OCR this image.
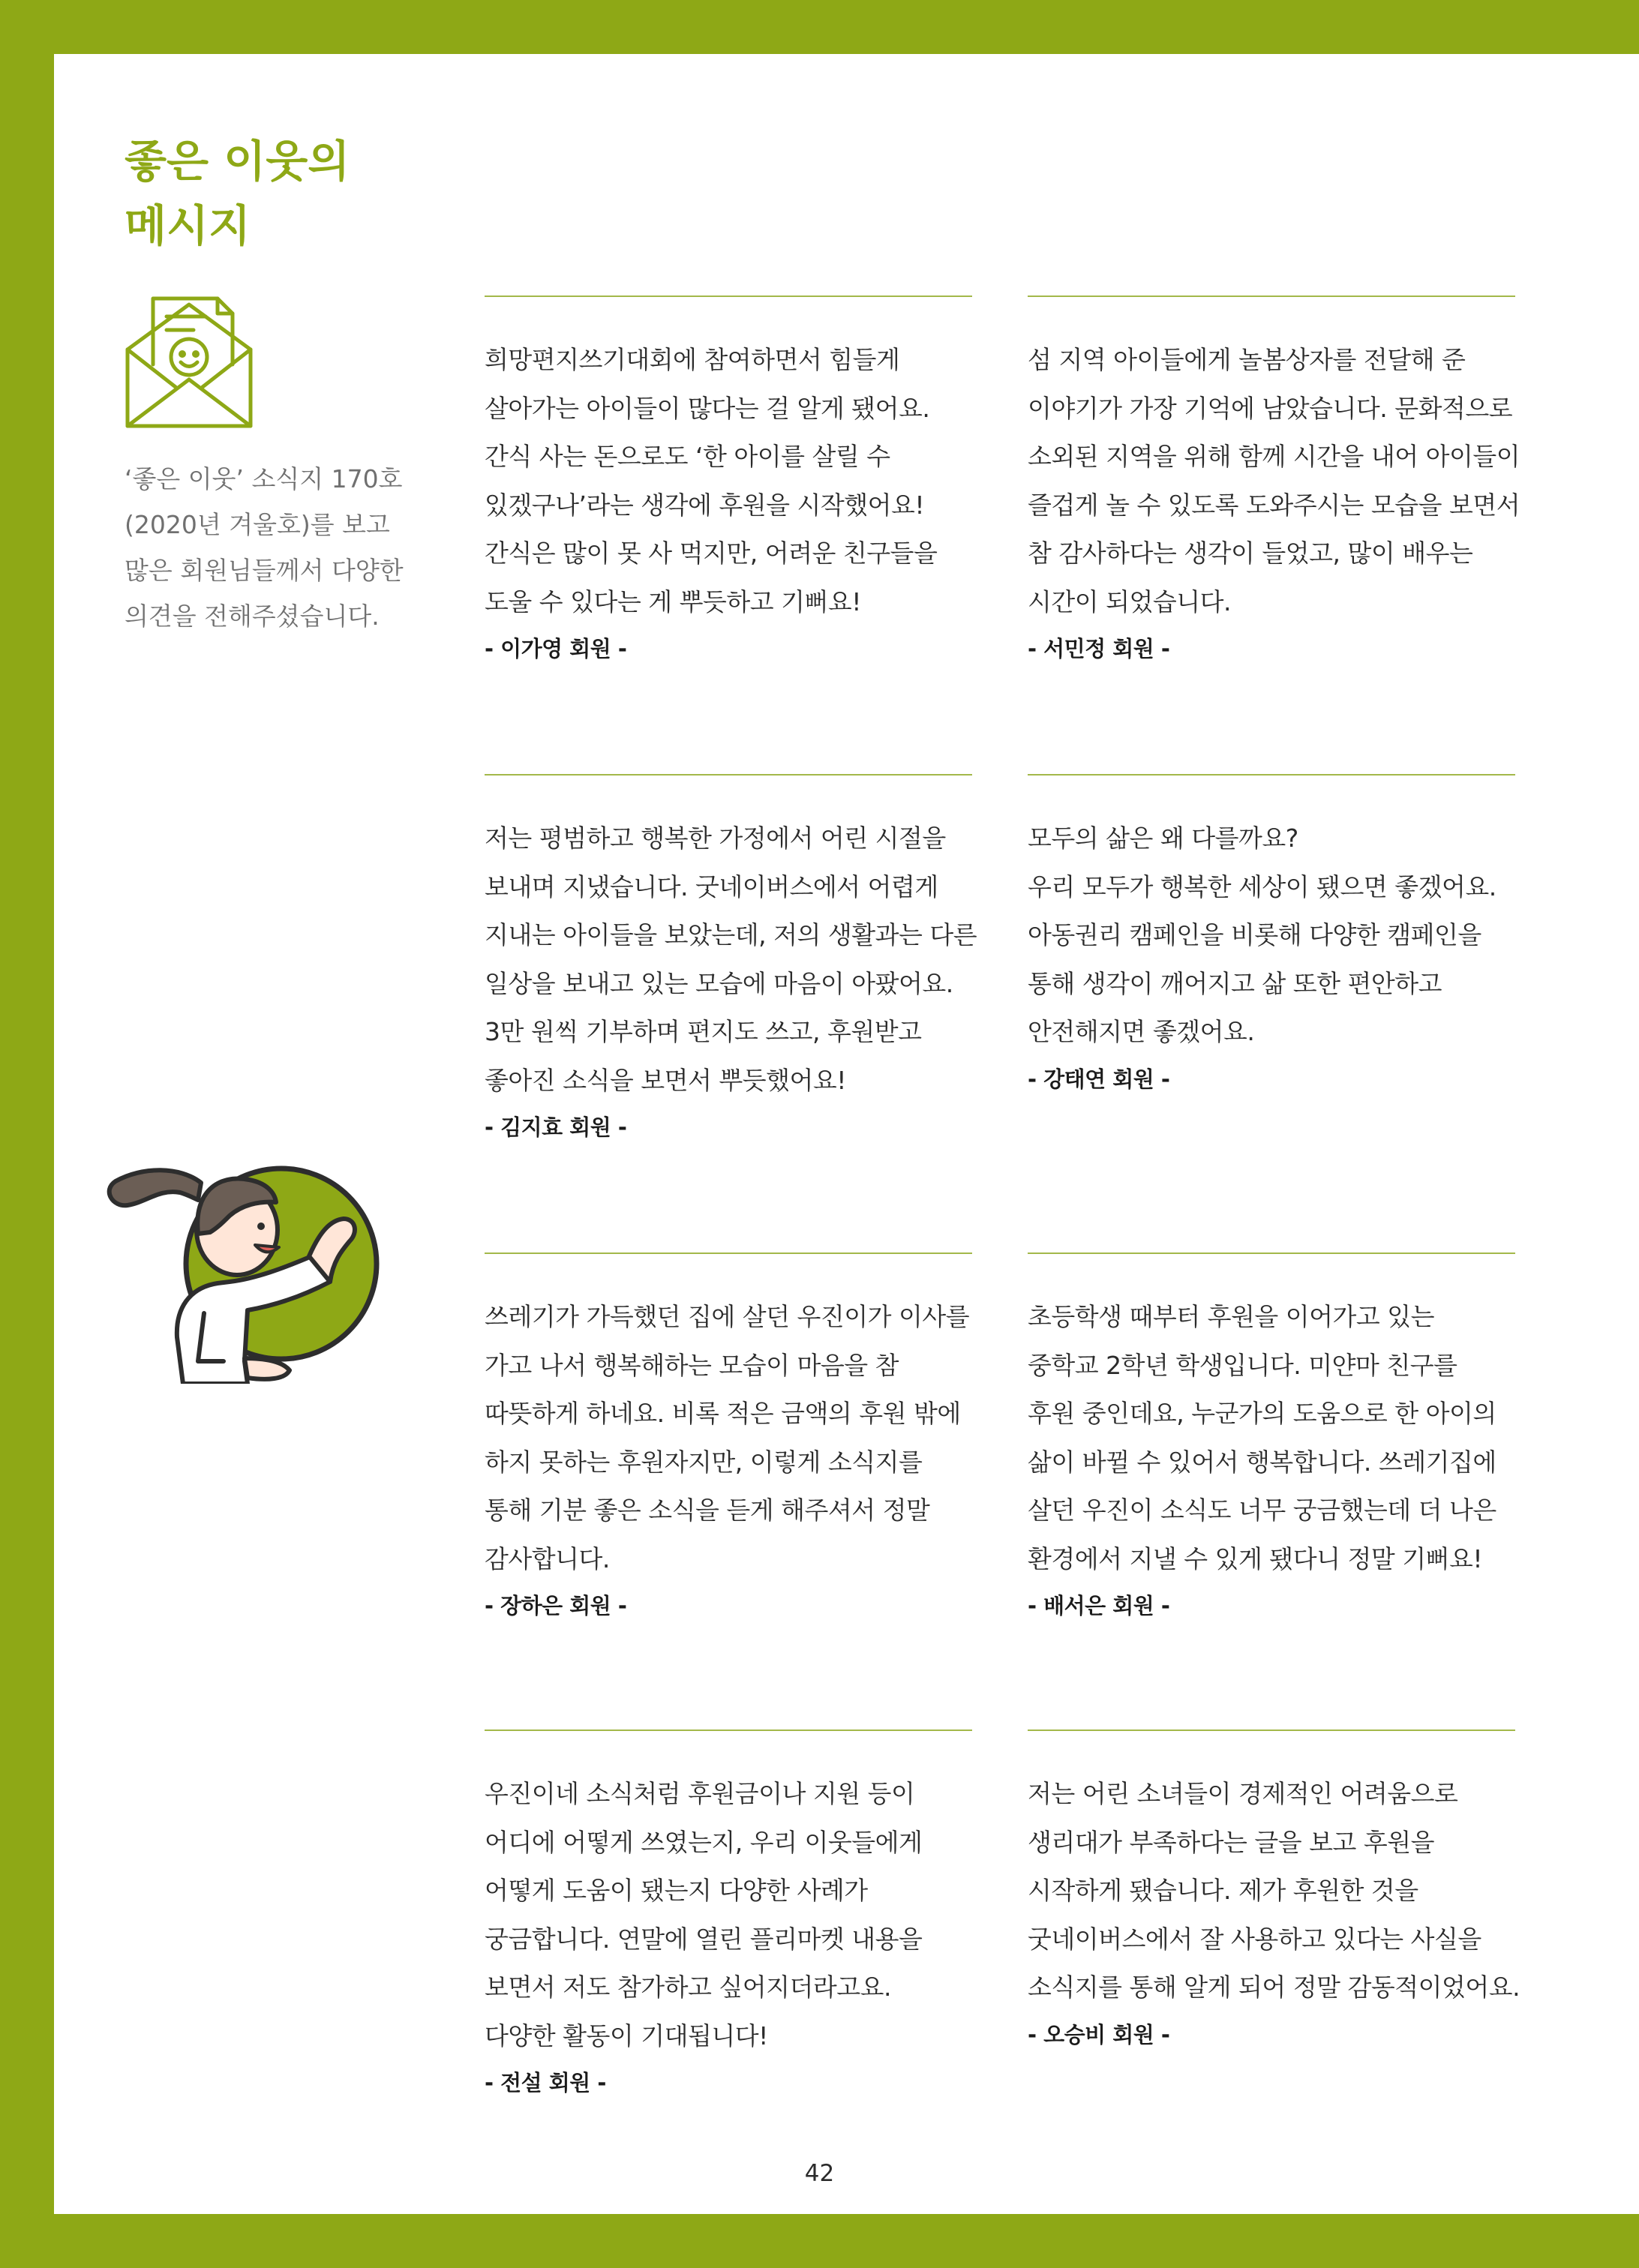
좋은 이웃의
메시지

‘좋은 이웃’ 소식지 170호
(2020년 겨울호)를 보고
많은 회원님들께서 다양한
의견을 전해주셨습니다.

희망편지쓰기대회에 참여하면서 힘들게
살아가는 아이들이 많다는 걸 알게 됐어요.
간식 사는 돈으로도 ‘한 아이를 살릴 수
있겠구나’라는 생각에 후원을 시작했어요!
간식은 많이 못 사 먹지만, 어려운 친구들을
도울 수 있다는 게 뿌듯하고 기뻐요!

- 이가영 회원 -

섬 지역 아이들에게 놀봄상자를 전달해 준
이야기가 가장 기억에 남았습니다. 문화적으로
소외된 지역을 위해 함께 시간을 내어 아이들이
즐겁게 놀 수 있도록 도와주시는 모습을 보면서
참 감사하다는 생각이 들었고, 많이 배우는
시간이 되었습니다.

- 서민정 회원 -

저는 평범하고 행복한 가정에서 어린 시절을
보내며 지냈습니다. 굿네이버스에서 어렵게
지내는 아이들을 보았는데, 저의 생활과는 다른
일상을 보내고 있는 모습에 마음이 아팠어요.
3만 원씩 기부하며 편지도 쓰고, 후원받고
좋아진 소식을 보면서 뿌듯했어요!

- 김지효 회원 -

모두의 삶은 왜 다를까요?
우리 모두가 행복한 세상이 됐으면 좋겠어요.
아동권리 캠페인을 비롯해 다양한 캠페인을
통해 생각이 깨어지고 삶 또한 편안하고
안전해지면 좋겠어요.

- 강태연 회원 -

쓰레기가 가득했던 집에 살던 우진이가 이사를
가고 나서 행복해하는 모습이 마음을 참
따뜻하게 하네요. 비록 적은 금액의 후원 밖에
하지 못하는 후원자지만, 이렇게 소식지를
통해 기분 좋은 소식을 듣게 해주셔서 정말
감사합니다.

- 장하은 회원 -

초등학생 때부터 후원을 이어가고 있는
중학교 2학년 학생입니다. 미얀마 친구를
후원 중인데요, 누군가의 도움으로 한 아이의
삶이 바뀔 수 있어서 행복합니다. 쓰레기집에
살던 우진이 소식도 너무 궁금했는데 더 나은
환경에서 지낼 수 있게 됐다니 정말 기뻐요!

- 배서은 회원 -

우진이네 소식처럼 후원금이나 지원 등이
어디에 어떻게 쓰였는지, 우리 이웃들에게
어떻게 도움이 됐는지 다양한 사례가
궁금합니다. 연말에 열린 플리마켓 내용을
보면서 저도 참가하고 싶어지더라고요.
다양한 활동이 기대됩니다!

- 전설 회원 -

저는 어린 소녀들이 경제적인 어려움으로
생리대가 부족하다는 글을 보고 후원을
시작하게 됐습니다. 제가 후원한 것을
굿네이버스에서 잘 사용하고 있다는 사실을
소식지를 통해 알게 되어 정말 감동적이었어요.

- 오승비 회원 -

42
